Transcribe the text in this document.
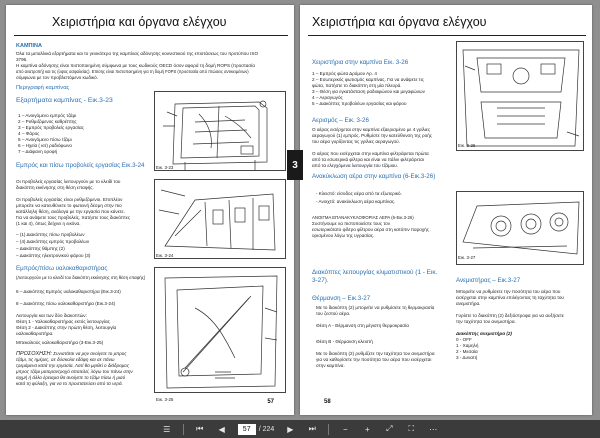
Χειριστήρια και όργανα ελέγχου
ΚΑΜΠΙΝΑ
Όλα τα μεταλλικά εξαρτήματα και το γενικότερο της καμπίνας αδόνησης κουνιστικού της επιστάσεως του προτύπου ISO
3796.
Η καμπίνα αδόνησης είναι πιστοποιημένη σύμφωνα με τους κωδικούς OECD όσον αφορά τη δομή ROPS (προστασία
από ανατροπή) και τις (ύψος ασφαλείας). Επίσης είναι πιστοποιημένη για τη δομή FOPS (προστασία από πτώσεις αντικειμένων)
σύμφωνα με τον προβλεπόμενο κωδικό.
Περιγραφή καμπίνας
Εξαρτήματα καμπίνας - Εικ.3-23
1 – Ανοιγόμενο εμπρός τζάμι
2 – Ρυθμιζόμενος καθρέπτης
3 – Εμπρός προβολείς εργασίας
4 – Φάρος
5 – Ανοιγόμενο πίσω τζάμι
6 – Ηχεία ( κιτ) ραδιόφωνο
7 – Διάφανη οροφή
Εμπρός και πίσω προβολείς εργασίας Εικ.3-24
Οι προβολείς εργασίας λειτουργούν με το κλειδί του
διακόπτη εκκίνησης στη θέση επαφής.
Οι προβολείς εργασίας είναι ρυθμιζόμενοι. Επιπλέον
μπορείτε να κατευθύνετε το φωτεινή δέσμη στην πιο
κατάλληλη θέση, ανάλογα με την εργασία που κάνετε.
Για να ανάψετε τους προβολείς, πατήστε τους διακόπτες
(1 και 4), όπως δείχνει η εικόνα.
– (1) Διακόπτης πίσω προβολέων
– (4) Διακόπτης εμπρός προβολέων
– Διακόπτης θάμπης (2)
– Διακόπτης ηλεκτρονικού φάρου (3)
Εμπρός/πίσω υαλοκαθαριστήρας
(Λειτουργούν με το κλειδί του διακόπτη εκκίνησης στη θέση επαφής)
6 – Διακόπτης Εμπρός υαλοκαθαριστήρα (Εικ.3-24)
8 – Διακόπτης πίσω υαλοκαθαριστήρα (Εικ.3-24)
Λειτουργία και των δύο διακοπτών:
Θέση 1 - Υαλοκαθαριστήρας εκτός λειτουργίας
Θέση 2 - Διακόπτης στην πρώτη θέση, λειτουργία
υαλοκαθαριστήρα.
Μπεκαλιούς υαλοκαθαριστήρα (3-Εικ.3-25)
ΠΡΟΣΟΧΗΣΗ: Συνιστάται να μην ανοίγετε το μπρος
τζάμι, τις ημέρες, σε δύσκολα εδάφη και σε πάνω
τρεμάμενα κατά την εργασία. Λατί θα μιρθεί ο διάδρομος
μπρος τζάμι μοτοραντροχό αποτελεί, λόγω του πάνω στην
αιχμή ή άλλο έρεισμα θα ανοίγετε το τζάμι πίσω ή μισό
κατά τη φύλαξη, για να το προστατεύσει από τα νερά.
Εικ. 3-23
Εικ. 3-24
Εικ. 3-25	57
3
Χειριστήρια και όργανα ελέγχου
Χειριστήρια στην καμπίνα Εικ. 3-26
1 – Εμπρός φώτα Δρόμου Αρ. 4
2 – Εσωτερικός φωτισμός καμπίνας. Για να ανάψετε τις
φώτα, πατήστε το διακόπτη στη μία πλευρά.
3 – Θέση για εγκατάσταση ραδιοφώνου και μεγαφώνων
4 – Αεραγωγός
5 – Διακόπτες προβολέων εργασίας και φάρου
Αερισμός – Εικ. 3-26
Ο αέρας εισέρχεται στην καμπίνα εξαερισμένο με 4 γρίλιες
αεραγωγού (1) εμπρός. Ρυθμίστε την κατεύθυνση της ροής
του αέρα γυρίζοντας τις γρίλιες αεραγωγού.
Ο αέρας που εισέρχεται στην καμπίνα φιλτράρεται πρώτα
από τα εσωτερικά φίλτρα και είναι να πάλιν φιλτράρεται
από τα ελεγχόμενα λειτουργία του τζάμιου.
Ανακύκλωση αέρα στην καμπίνα (6-Εικ.3-26)
- Κλειστό: είσοδος αέρα από τα εξωτερικό.
- Ανοιχτό: ανακύκλωση αέρα καμπίνας.
ΑΝΟΙΓΜΑ ΕΠΑΝΑΚΥΚΛΟΦΟΡΙΑΣ ΑΕΡΑ (6-Εικ.3-26)
Συστήνουμε να πιστοποιείστε τους τον
εσωτερικότατο φίλτρο φίλτρου αέρα στη κατόπιν παροχής
ορισμένου λόγω της υγρασίας.
Διακόπτες λειτουργίας κλιματιστικού (1 - Εικ. 3-27).
Θέρμανση – Εικ.3-27
Με το διακόπτη (2) μπορείτε να ρυθμίσετε τη θερμοκρασία
του ζεστού αέρα.
Θέση Α - Θέρμανση στη μέγιστη θερμοκρασία
Θέση Β - Θέρμανση κλειστή
Με το διακόπτη (2) ρυθμίζετε την ταχύτητα του ανεμιστήρα
για να καθορίσετε την ποσότητα του αέρα που εισέρχεται
στην καμπίνα.
Ανεμιστήρας – Εικ.3-27
Μπορείτε να ρυθμίσετε την ποσότητα του αέρα που
εισέρχεται στην καμπίνα επιλέγοντας τη ταχύτητα του
ανεμιστήρα.
Γυρίστε το διακόπτη (2) δεξιόστροφα για να αυξήσετε
την ταχύτητα του ανεμιστήρα.
Διακόπτης ανεμιστήρα (2)
0 - OFF
1 - Χαμηλή
2 - Μεσαία
3 - Δυνατή
Εικ. 3-26
Εικ. 3-27
58
☰	⏮	◀	57	/ 224	▶	⏭	−	+	⤢	⛶	⋯
